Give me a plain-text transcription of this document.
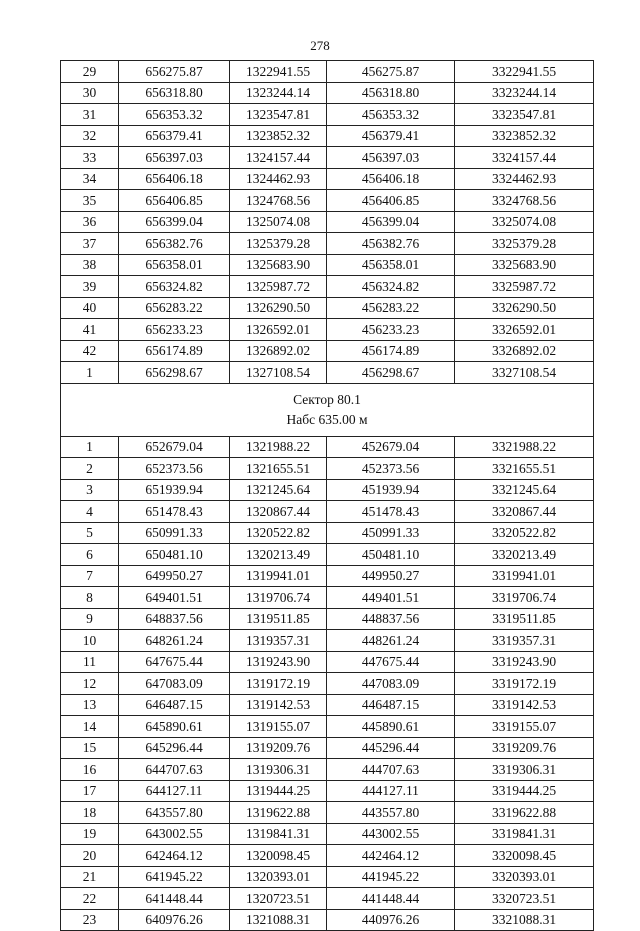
278
29	656275.87	1322941.55	456275.87	3322941.55
30	656318.80	1323244.14	456318.80	3323244.14
31	656353.32	1323547.81	456353.32	3323547.81
32	656379.41	1323852.32	456379.41	3323852.32
33	656397.03	1324157.44	456397.03	3324157.44
34	656406.18	1324462.93	456406.18	3324462.93
35	656406.85	1324768.56	456406.85	3324768.56
36	656399.04	1325074.08	456399.04	3325074.08
37	656382.76	1325379.28	456382.76	3325379.28
38	656358.01	1325683.90	456358.01	3325683.90
39	656324.82	1325987.72	456324.82	3325987.72
40	656283.22	1326290.50	456283.22	3326290.50
41	656233.23	1326592.01	456233.23	3326592.01
42	656174.89	1326892.02	456174.89	3326892.02
1	656298.67	1327108.54	456298.67	3327108.54

Сектор 80.1
Набс 635.00 м				

1	652679.04	1321988.22	452679.04	3321988.22
2	652373.56	1321655.51	452373.56	3321655.51
3	651939.94	1321245.64	451939.94	3321245.64
4	651478.43	1320867.44	451478.43	3320867.44
5	650991.33	1320522.82	450991.33	3320522.82
6	650481.10	1320213.49	450481.10	3320213.49
7	649950.27	1319941.01	449950.27	3319941.01
8	649401.51	1319706.74	449401.51	3319706.74
9	648837.56	1319511.85	448837.56	3319511.85
10	648261.24	1319357.31	448261.24	3319357.31
11	647675.44	1319243.90	447675.44	3319243.90
12	647083.09	1319172.19	447083.09	3319172.19
13	646487.15	1319142.53	446487.15	3319142.53
14	645890.61	1319155.07	445890.61	3319155.07
15	645296.44	1319209.76	445296.44	3319209.76
16	644707.63	1319306.31	444707.63	3319306.31
17	644127.11	1319444.25	444127.11	3319444.25
18	643557.80	1319622.88	443557.80	3319622.88
19	643002.55	1319841.31	443002.55	3319841.31
20	642464.12	1320098.45	442464.12	3320098.45
21	641945.22	1320393.01	441945.22	3320393.01
22	641448.44	1320723.51	441448.44	3320723.51
23	640976.26	1321088.31	440976.26	3321088.31
